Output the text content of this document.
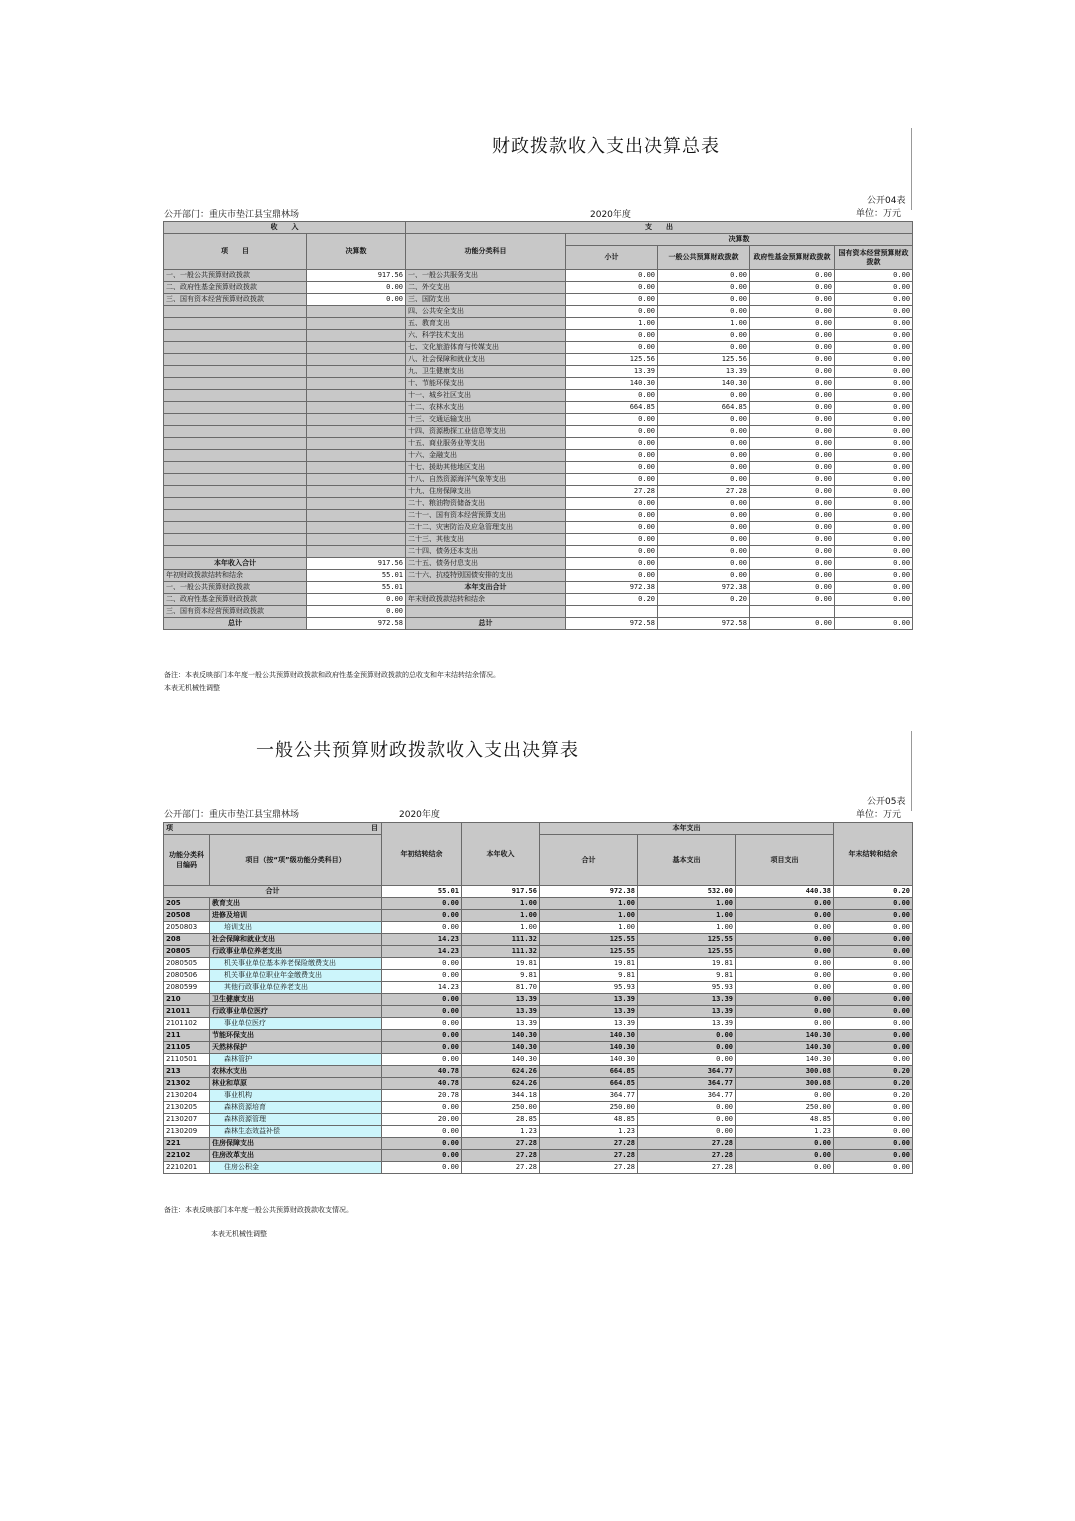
财政拨款收入支出决算总表
公开04表
公开部门：重庆市垫江县宝鼎林场	2020年度	单位：万元
收　　入		支　　出				
项　　目	决算数	功能分类科目	决算数			
			小计	一般公共预算财政拨款	政府性基金预算财政拨款	国有资本经营预算财政拨款

一、一般公共预算财政拨款	917.56	一、一般公共服务支出	0.00	0.00	0.00	0.00
二、政府性基金预算财政拨款	0.00	二、外交支出	0.00	0.00	0.00	0.00
三、国有资本经营预算财政拨款	0.00	三、国防支出	0.00	0.00	0.00	0.00
		四、公共安全支出	0.00	0.00	0.00	0.00
		五、教育支出	1.00	1.00	0.00	0.00
		六、科学技术支出	0.00	0.00	0.00	0.00
		七、文化旅游体育与传媒支出	0.00	0.00	0.00	0.00
		八、社会保障和就业支出	125.56	125.56	0.00	0.00
		九、卫生健康支出	13.39	13.39	0.00	0.00
		十、节能环保支出	140.30	140.30	0.00	0.00
		十一、城乡社区支出	0.00	0.00	0.00	0.00
		十二、农林水支出	664.85	664.85	0.00	0.00
		十三、交通运输支出	0.00	0.00	0.00	0.00
		十四、资源勘探工业信息等支出	0.00	0.00	0.00	0.00
		十五、商业服务业等支出	0.00	0.00	0.00	0.00
		十六、金融支出	0.00	0.00	0.00	0.00
		十七、援助其他地区支出	0.00	0.00	0.00	0.00
		十八、自然资源海洋气象等支出	0.00	0.00	0.00	0.00
		十九、住房保障支出	27.28	27.28	0.00	0.00
		二十、粮油物资储备支出	0.00	0.00	0.00	0.00
		二十一、国有资本经营预算支出	0.00	0.00	0.00	0.00
		二十二、灾害防治及应急管理支出	0.00	0.00	0.00	0.00
		二十三、其他支出	0.00	0.00	0.00	0.00
		二十四、债务还本支出	0.00	0.00	0.00	0.00
本年收入合计	917.56	二十五、债务付息支出	0.00	0.00	0.00	0.00
年初财政拨款结转和结余	55.01	二十六、抗疫特别国债安排的支出	0.00	0.00	0.00	0.00
一、一般公共预算财政拨款	55.01	本年支出合计	972.38	972.38	0.00	0.00
二、政府性基金预算财政拨款	0.00	年末财政拨款结转和结余	0.20	0.20	0.00	0.00
三、国有资本经营预算财政拨款	0.00					
总计	972.58	总计	972.58	972.58	0.00	0.00
备注：本表反映部门本年度一般公共预算财政拨款和政府性基金预算财政拨款的总收支和年末结转结余情况。
本表无机械性调整
一般公共预算财政拨款收入支出决算表
公开05表
公开部门：重庆市垫江县宝鼎林场	2020年度	单位：万元
项 目		年初结转结余	本年收入	本年支出			年末结转和结余
功能分类科目编码	项目（按“项”级功能分类科目）			合计	基本支出	项目支出	

合计		55.01	917.56	972.38	532.00	440.38	0.20
205	教育支出	0.00	1.00	1.00	1.00	0.00	0.00
20508	进修及培训	0.00	1.00	1.00	1.00	0.00	0.00
2050803	培训支出	0.00	1.00	1.00	1.00	0.00	0.00
208	社会保障和就业支出	14.23	111.32	125.55	125.55	0.00	0.00
20805	行政事业单位养老支出	14.23	111.32	125.55	125.55	0.00	0.00
2080505	机关事业单位基本养老保险缴费支出	0.00	19.81	19.81	19.81	0.00	0.00
2080506	机关事业单位职业年金缴费支出	0.00	9.81	9.81	9.81	0.00	0.00
2080599	其他行政事业单位养老支出	14.23	81.70	95.93	95.93	0.00	0.00
210	卫生健康支出	0.00	13.39	13.39	13.39	0.00	0.00
21011	行政事业单位医疗	0.00	13.39	13.39	13.39	0.00	0.00
2101102	事业单位医疗	0.00	13.39	13.39	13.39	0.00	0.00
211	节能环保支出	0.00	140.30	140.30	0.00	140.30	0.00
21105	天然林保护	0.00	140.30	140.30	0.00	140.30	0.00
2110501	森林管护	0.00	140.30	140.30	0.00	140.30	0.00
213	农林水支出	40.78	624.26	664.85	364.77	300.08	0.20
21302	林业和草原	40.78	624.26	664.85	364.77	300.08	0.20
2130204	事业机构	20.78	344.18	364.77	364.77	0.00	0.20
2130205	森林资源培育	0.00	250.00	250.00	0.00	250.00	0.00
2130207	森林资源管理	20.00	28.85	48.85	0.00	48.85	0.00
2130209	森林生态效益补偿	0.00	1.23	1.23	0.00	1.23	0.00
221	住房保障支出	0.00	27.28	27.28	27.28	0.00	0.00
22102	住房改革支出	0.00	27.28	27.28	27.28	0.00	0.00
2210201	住房公积金	0.00	27.28	27.28	27.28	0.00	0.00
备注：本表反映部门本年度一般公共预算财政拨款收支情况。
本表无机械性调整
